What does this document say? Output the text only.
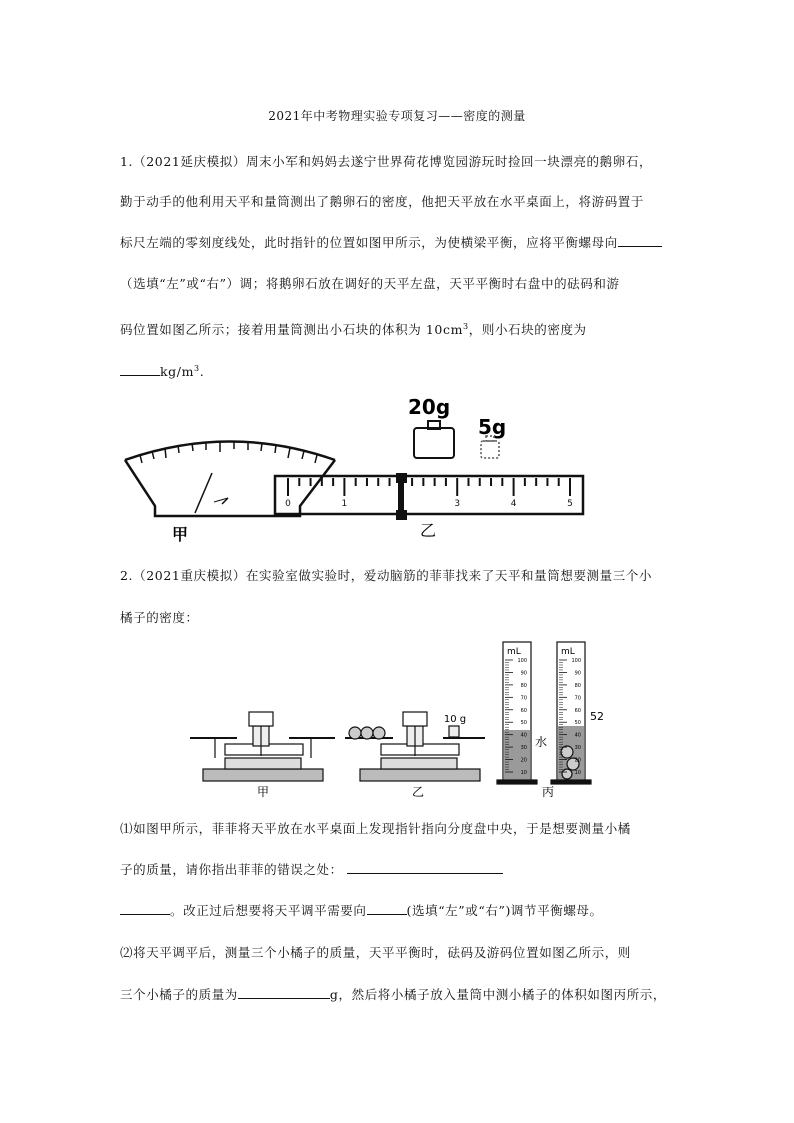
2021年中考物理实验专项复习——密度的测量
1.（2021延庆模拟）周末小军和妈妈去遂宁世界荷花博览园游玩时捡回一块漂亮的鹅卵石，
勤于动手的他利用天平和量筒测出了鹅卵石的密度，他把天平放在水平桌面上，将游码置于
标尺左端的零刻度线处，此时指针的位置如图甲所示，为使横梁平衡，应将平衡螺母向
（选填“左”或“右”）调；将鹅卵石放在调好的天平左盘，天平平衡时右盘中的砝码和游
码位置如图乙所示；接着用量筒测出小石块的体积为 $10cm^3$，则小石块的密度为
$kg/m^3$.
甲
0	1	3	4	5
乙
20g
5g
2.（2021重庆模拟）在实验室做实验时，爱动脑筋的菲菲找来了天平和量筒想要测量三个小
橘子的密度：
甲
10 g
乙
mL
100
90
80
70
60
50
40
30
20
10
水
mL
100
90
80
70
60
50
40
30
20
10
52
丙
⑴如图甲所示，菲菲将天平放在水平桌面上发现指针指向分度盘中央，于是想要测量小橘
子的质量，请你指出菲菲的错误之处：
。改正过后想要将天平调平需要向	(选填“左”或“右”)调节平衡螺母。
⑵将天平调平后，测量三个小橘子的质量，天平平衡时，砝码及游码位置如图乙所示，则
三个小橘子的质量为	g，然后将小橘子放入量筒中测小橘子的体积如图丙所示，
